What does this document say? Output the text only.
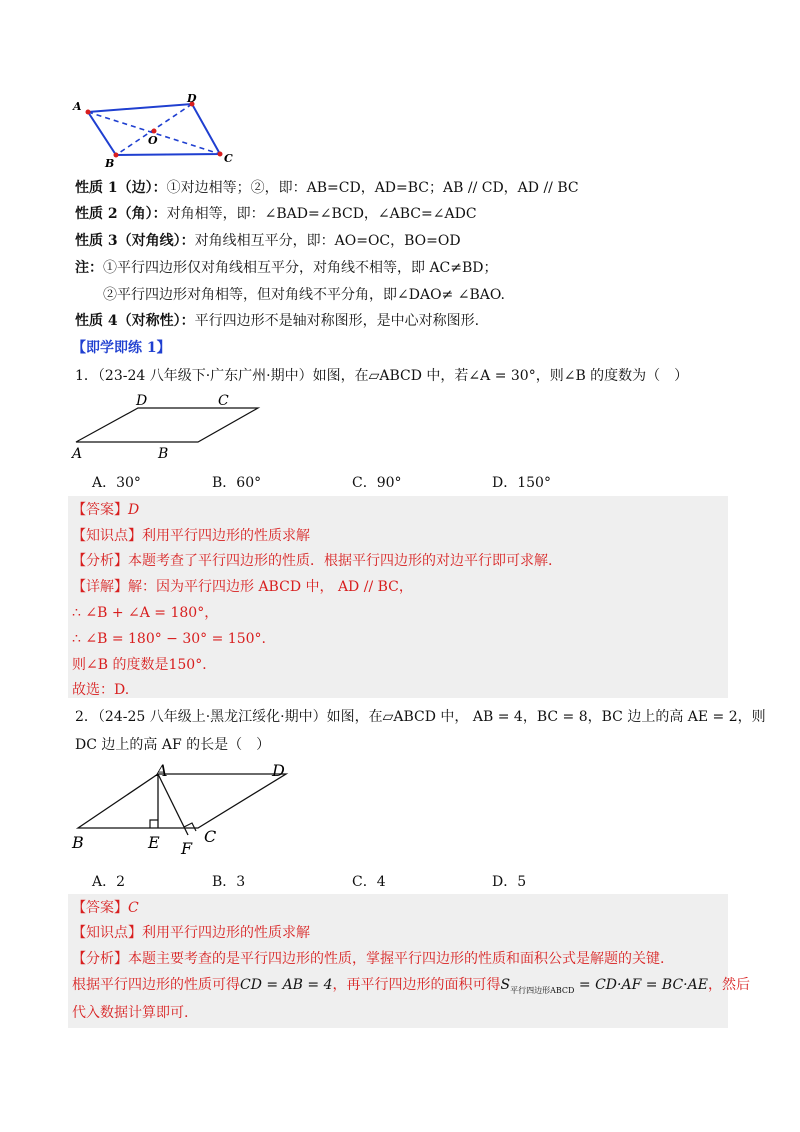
A
D
C
B
O
性质 1（边）：①对边相等；②，即：AB=CD，AD=BC；AB // CD，AD // BC
性质 2（角）：对角相等，即：∠BAD=∠BCD，∠ABC=∠ADC
性质 3（对角线）：对角线相互平分，即：AO=OC，BO=OD
注：①平行四边形仅对角线相互平分，对角线不相等，即 AC≠BD；
②平行四边形对角相等，但对角线不平分角，即∠DAO≠ ∠BAO.
性质 4（对称性）：平行四边形不是轴对称图形，是中心对称图形.
【即学即练 1】
1．（23-24 八年级下·广东广州·期中）如图，在▱ABCD 中，若∠A = 30°，则∠B 的度数为（　）
D	C
A	B
A．30°	B．60°	C．90°	D．150°
【答案】D
【知识点】利用平行四边形的性质求解
【分析】本题考查了平行四边形的性质．根据平行四边形的对边平行即可求解.
【详解】解：因为平行四边形 ABCD 中， AD // BC，
∴ ∠B + ∠A = 180°，
∴ ∠B = 180° − 30° = 150°.
则∠B 的度数是150°．
故选：D.
2．（24-25 八年级上·黑龙江绥化·期中）如图，在▱ABCD 中， AB = 4，BC = 8，BC 边上的高 AE = 2，则
DC 边上的高 AF 的长是（　）
A	D
B	E F
C
A．2	B．3	C．4	D．5
【答案】C
【知识点】利用平行四边形的性质求解
【分析】本题主要考查的是平行四边形的性质，掌握平行四边形的性质和面积公式是解题的关键.
根据平行四边形的性质可得CD = AB = 4，再平行四边形的面积可得$S_{平行四边形ABCD} = CD\cdot AF = BC\cdot AE$，然后
代入数据计算即可.
